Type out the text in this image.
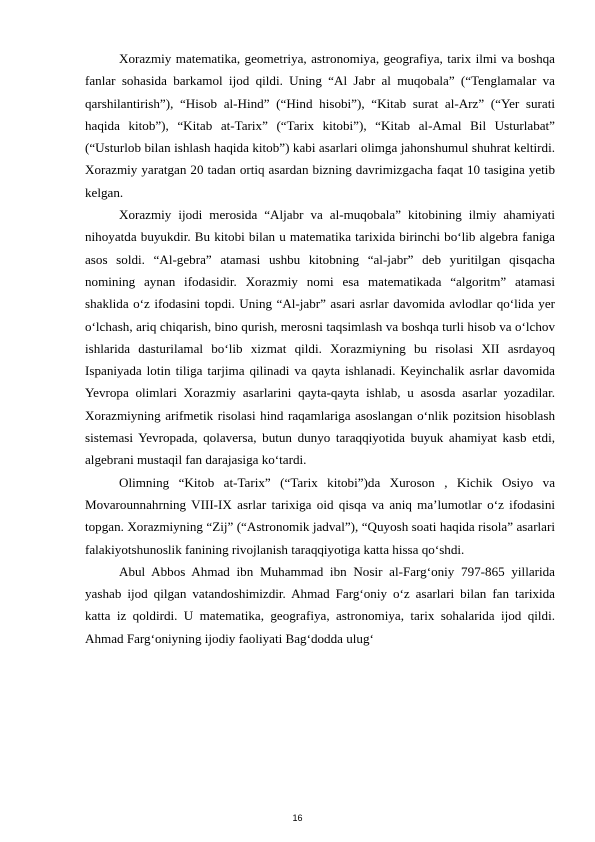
Xorazmiy matematika, geometriya, astronomiya, geografiya, tarix ilmi va boshqa fanlar sohasida barkamol ijod qildi. Uning “Al Jabr al muqobala” (“Tenglamalar va qarshilantirish”), “Hisob al-Hind” (“Hind hisobi”), “Kitab surat al-Arz” (“Yer surati haqida kitob”), “Kitab at-Tarix” (“Tarix kitobi”), “Kitab al-Amal Bil Usturlabat” (“Usturlob bilan ishlash haqida kitob”) kabi asarlari olimga jahonshumul shuhrat keltirdi. Xorazmiy yaratgan 20 tadan ortiq asardan bizning davrimizgacha faqat 10 tasigina yetib kelgan.

Xorazmiy ijodi merosida “Aljabr va al-muqobala” kitobining ilmiy ahamiyati nihoyatda buyukdir. Bu kitobi bilan u matematika tarixida birinchi bo‘lib algebra faniga asos soldi. “Al-gebra” atamasi ushbu kitobning “al-jabr” deb yuritilgan qisqacha nomining aynan ifodasidir. Xorazmiy nomi esa matematikada “algoritm” atamasi shaklida o‘z ifodasini topdi. Uning “Al-jabr” asari asrlar davomida avlodlar qo‘lida yer o‘lchash, ariq chiqarish, bino qurish, merosni taqsimlash va boshqa turli hisob va o‘lchov ishlarida dasturilamal bo‘lib xizmat qildi. Xorazmiyning bu risolasi XII asrdayoq Ispaniyada lotin tiliga tarjima qilinadi va qayta ishlanadi. Keyinchalik asrlar davomida Yevropa olimlari Xorazmiy asarlarini qayta-qayta ishlab, u asosda asarlar yozadilar. Xorazmiyning arifmetik risolasi hind raqamlariga asoslangan o‘nlik pozitsion hisoblash sistemasi Yevropada, qolaversa, butun dunyo taraqqiyotida buyuk ahamiyat kasb etdi, algebrani mustaqil fan darajasiga ko‘tardi.

Olimning “Kitob at-Tarix” (“Tarix kitobi”)da Xuroson , Kichik Osiyo va Movarounnahrning VIII-IX asrlar tarixiga oid qisqa va aniq ma’lumotlar o‘z ifodasini topgan. Xorazmiyning “Zij” (“Astronomik jadval”), “Quyosh soati haqida risola” asarlari falakiyotshunoslik fanining rivojlanish taraqqiyotiga katta hissa qo‘shdi.

Abul Abbos Ahmad ibn Muhammad ibn Nosir al-Farg‘oniy 797-865 yillarida yashab ijod qilgan vatandoshimizdir. Ahmad Farg‘oniy o‘z asarlari bilan fan tarixida katta iz qoldirdi. U matematika, geografiya, astronomiya, tarix sohalarida ijod qildi. Ahmad Farg‘oniyning ijodiy faoliyati Bag‘dodda ulug‘

16
